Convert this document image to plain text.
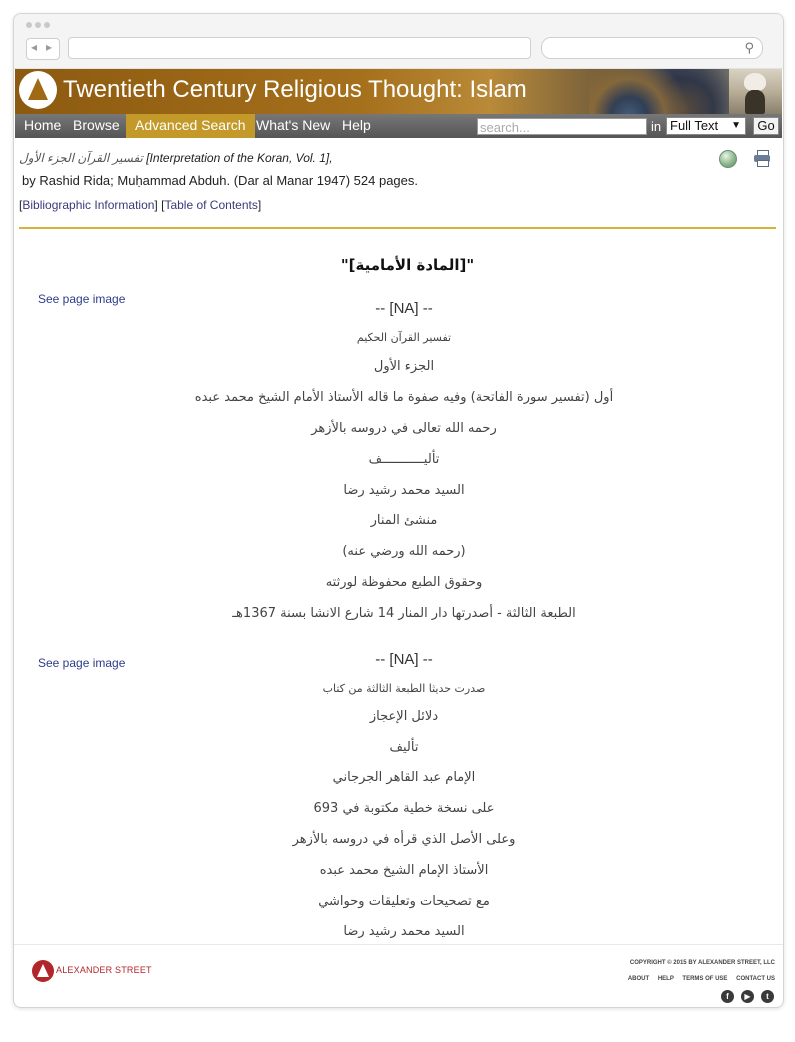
◂ ▸	⚲
Twentieth Century Religious Thought: Islam
Home Browse	Advanced Search What's New Help	search...	in Full Text ▼	Go
تفسير القرآن الجزء الأول [Interpretation of the Koran, Vol. 1],
by Rashid Rida; Muḥammad Abduh. (Dar al Manar 1947) 524 pages.
[Bibliographic Information] [Table of Contents]
"[المادة الأمامية]"
See page image
-- [NA] --
تفسير القرآن الحكيم
الجزء الأول
أول (تفسير سورة الفاتحة) وفيه صفوة ما قاله الأستاذ الأمام الشيخ محمد عبده
رحمه الله تعالى في دروسه بالأزهر
تأليـــــــــــف
السيد محمد رشيد رضا
منشئ المنار
(رحمه الله ورضي عنه)
وحقوق الطبع محفوظة لورثته
الطبعة الثالثة - أصدرتها دار المنار 14 شارع الانشا بسنة 1367هـ
See page image	-- [NA] --
صدرت حديثا الطبعة الثالثة من كتاب
دلائل الإعجاز
تأليف
الإمام عبد القاهر الجرجاني
على نسخة خطية مكتوبة في 693
وعلى الأصل الذي قرأه في دروسه بالأزهر
الأستاذ الإمام الشيخ محمد عبده
مع تصحيحات وتعليقات وحواشي
السيد محمد رشيد رضا
ALEXANDER STREET
COPYRIGHT © 2015 BY ALEXANDER STREET, LLC
ABOUT HELP TERMS OF USE CONTACT US
f	▶	t
